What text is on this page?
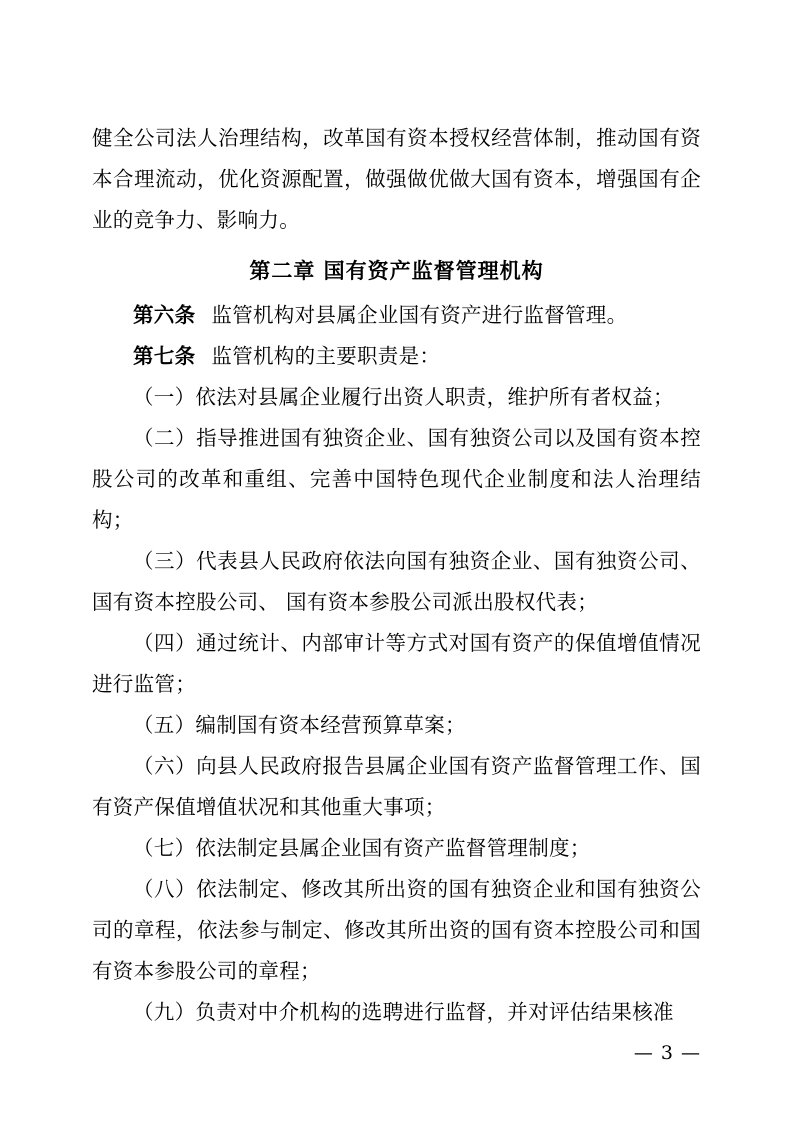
健全公司法人治理结构，改革国有资本授权经营体制，推动国有资本合理流动，优化资源配置，做强做优做大国有资本，增强国有企业的竞争力、影响力。

第二章 国有资产监督管理机构

第六条 监管机构对县属企业国有资产进行监督管理。

第七条 监管机构的主要职责是：

（一）依法对县属企业履行出资人职责，维护所有者权益；

（二）指导推进国有独资企业、国有独资公司以及国有资本控股公司的改革和重组、完善中国特色现代企业制度和法人治理结构；

（三）代表县人民政府依法向国有独资企业、国有独资公司、国有资本控股公司、 国有资本参股公司派出股权代表；

（四）通过统计、内部审计等方式对国有资产的保值增值情况进行监管；

（五）编制国有资本经营预算草案；

（六）向县人民政府报告县属企业国有资产监督管理工作、国有资产保值增值状况和其他重大事项；

（七）依法制定县属企业国有资产监督管理制度；

（八）依法制定、修改其所出资的国有独资企业和国有独资公司的章程，依法参与制定、修改其所出资的国有资本控股公司和国有资本参股公司的章程；

（九）负责对中介机构的选聘进行监督，并对评估结果核准

— 3 —
